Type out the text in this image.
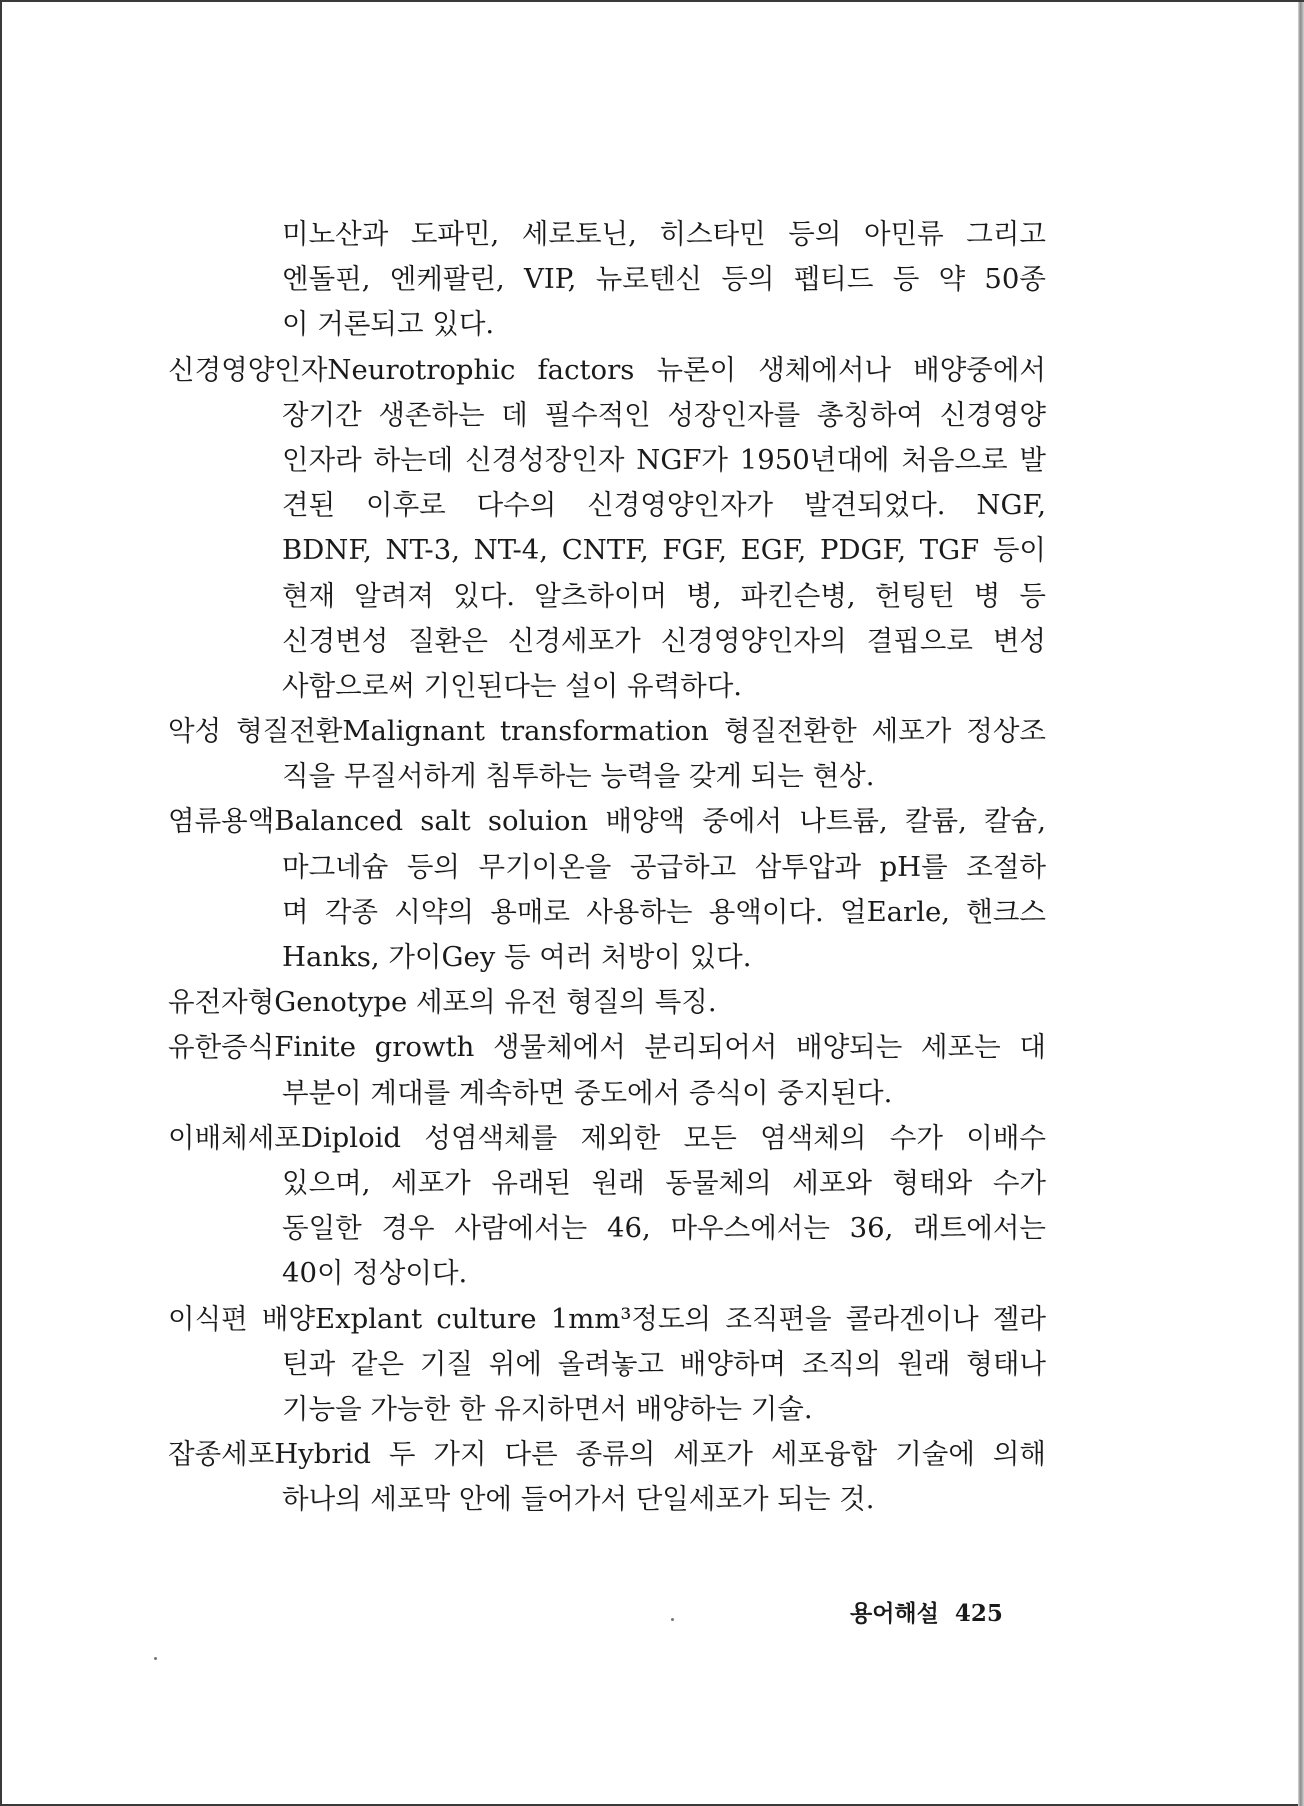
미노산과 도파민, 세로토닌, 히스타민 등의 아민류 그리고
엔돌핀, 엔케팔린, VIP, 뉴로텐신 등의 펩티드 등 약 50종
이 거론되고 있다.
신경영양인자Neurotrophic factors 뉴론이 생체에서나 배양중에서
장기간 생존하는 데 필수적인 성장인자를 총칭하여 신경영양
인자라 하는데 신경성장인자 NGF가 1950년대에 처음으로 발
견된 이후로 다수의 신경영양인자가 발견되었다. NGF,
BDNF, NT-3, NT-4, CNTF, FGF, EGF, PDGF, TGF 등이
현재 알려져 있다. 알츠하이머 병, 파킨슨병, 헌팅턴 병 등
신경변성 질환은 신경세포가 신경영양인자의 결핍으로 변성
사함으로써 기인된다는 설이 유력하다.
악성 형질전환Malignant transformation 형질전환한 세포가 정상조
직을 무질서하게 침투하는 능력을 갖게 되는 현상.
염류용액Balanced salt soluion 배양액 중에서 나트륨, 칼륨, 칼슘,
마그네슘 등의 무기이온을 공급하고 삼투압과 pH를 조절하
며 각종 시약의 용매로 사용하는 용액이다. 얼Earle, 핸크스
Hanks, 가이Gey 등 여러 처방이 있다.
유전자형Genotype 세포의 유전 형질의 특징.
유한증식Finite growth 생물체에서 분리되어서 배양되는 세포는 대
부분이 계대를 계속하면 중도에서 증식이 중지된다.
이배체세포Diploid 성염색체를 제외한 모든 염색체의 수가 이배수
있으며, 세포가 유래된 원래 동물체의 세포와 형태와 수가
동일한 경우 사람에서는 46, 마우스에서는 36, 래트에서는
40이 정상이다.
이식편 배양Explant culture 1mm³정도의 조직편을 콜라겐이나 젤라
틴과 같은 기질 위에 올려놓고 배양하며 조직의 원래 형태나
기능을 가능한 한 유지하면서 배양하는 기술.
잡종세포Hybrid 두 가지 다른 종류의 세포가 세포융합 기술에 의해
하나의 세포막 안에 들어가서 단일세포가 되는 것.
용어해설 425
